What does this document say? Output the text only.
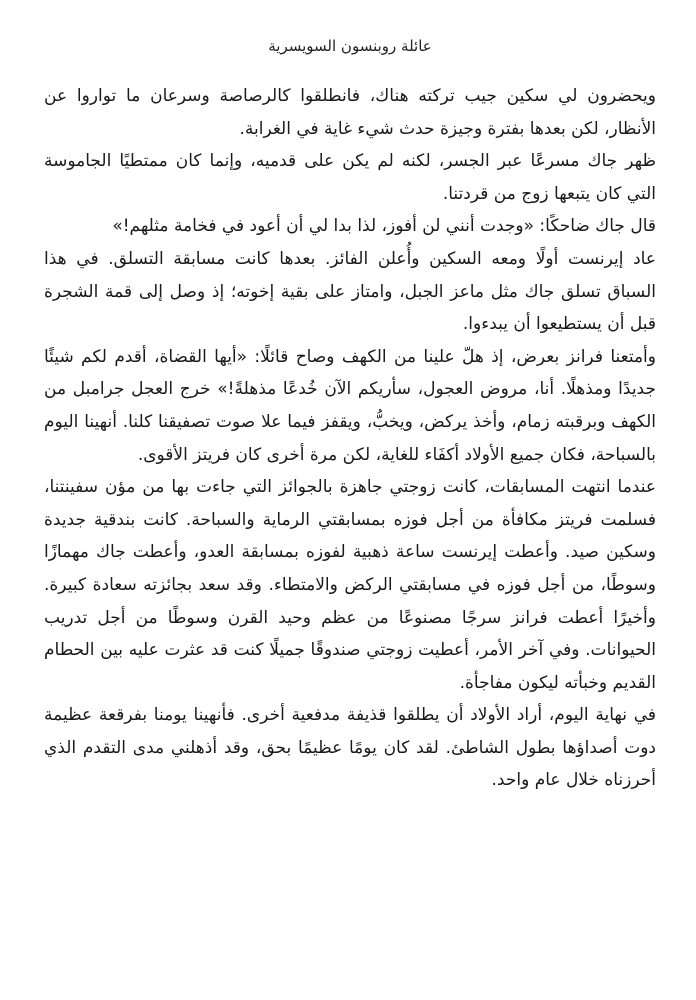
عائلة روبنسون السويسرية

ويحضرون لي سكين جيب تركته هناك، فانطلقوا كالرصاصة وسرعان ما تواروا عن الأنظار، لكن بعدها بفترة وجيزة حدث شيء غاية في الغرابة.

ظهر جاك مسرعًا عبر الجسر، لكنه لم يكن على قدميه، وإنما كان ممتطيًا الجاموسة التي كان يتبعها زوج من قردتنا.

قال جاك ضاحكًا: «وجدت أنني لن أفوز، لذا بدا لي أن أعود في فخامة مثلهم!»

عاد إيرنست أولًا ومعه السكين وأُعلن الفائز. بعدها كانت مسابقة التسلق. في هذا السباق تسلق جاك مثل ماعز الجبل، وامتاز على بقية إخوته؛ إذ وصل إلى قمة الشجرة قبل أن يستطيعوا أن يبدءوا.

وأمتعنا فرانز بعرض، إذ هلّ علينا من الكهف وصاح قائلًا: «أيها القضاة، أقدم لكم شيئًا جديدًا ومذهلًا. أنا، مروض العجول، سأريكم الآن خُدعًا مذهلةً!» خرج العجل جرامبل من الكهف وبرقبته زمام، وأخذ يركض، ويخبُّ، ويقفز فيما علا صوت تصفيقنا كلنا. أنهينا اليوم بالسباحة، فكان جميع الأولاد أكفَاء للغاية، لكن مرة أخرى كان فريتز الأقوى.

عندما انتهت المسابقات، كانت زوجتي جاهزة بالجوائز التي جاءت بها من مؤن سفينتنا، فسلمت فريتز مكافأة من أجل فوزه بمسابقتي الرماية والسباحة. كانت بندقية جديدة وسكين صيد. وأعطت إيرنست ساعة ذهبية لفوزه بمسابقة العدو، وأعطت جاك مهمازًا وسوطًا، من أجل فوزه في مسابقتي الركض والامتطاء. وقد سعد بجائزته سعادة كبيرة. وأخيرًا أعطت فرانز سرجًا مصنوعًا من عظم وحيد القرن وسوطًا من أجل تدريب الحيوانات. وفي آخر الأمر، أعطيت زوجتي صندوقًا جميلًا كنت قد عثرت عليه بين الحطام القديم وخبأته ليكون مفاجأة.

في نهاية اليوم، أراد الأولاد أن يطلقوا قذيفة مدفعية أخرى. فأنهينا يومنا بفرقعة عظيمة دوت أصداؤها بطول الشاطئ. لقد كان يومًا عظيمًا بحق، وقد أذهلني مدى التقدم الذي أحرزناه خلال عام واحد.
